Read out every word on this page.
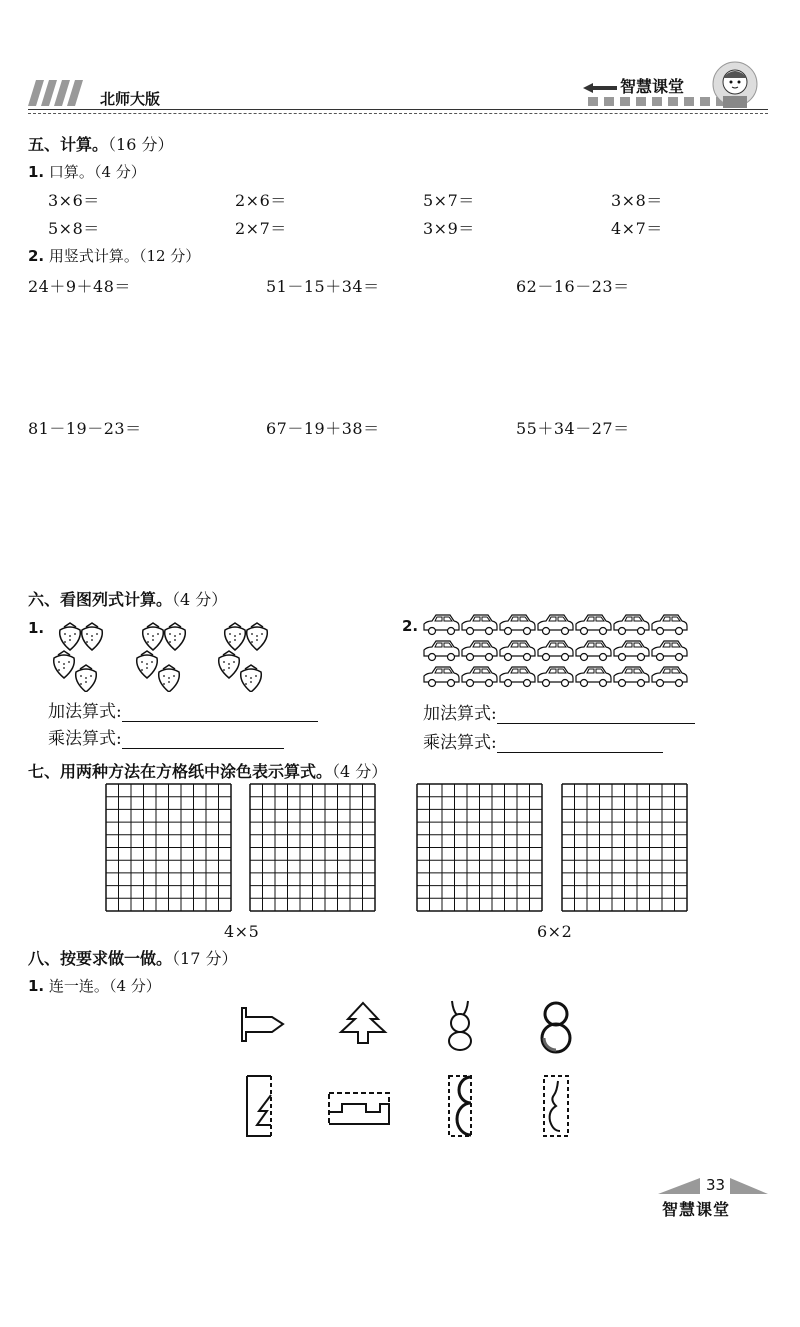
北师大版
智慧课堂
五、计算。（16 分）
1. 口算。（4 分）
3×6＝	2×6＝	5×7＝	3×8＝
5×8＝	2×7＝	3×9＝	4×7＝
2. 用竖式计算。（12 分）
24＋9＋48＝	51－15＋34＝	62－16－23＝
81－19－23＝	67－19＋38＝	55＋34－27＝
六、看图列式计算。（4 分）
1.
加法算式:
乘法算式:
2.
加法算式:
乘法算式:
七、用两种方法在方格纸中涂色表示算式。（4 分）
4×5	6×2
八、按要求做一做。（17 分）
1. 连一连。（4 分）
33
智慧课堂
